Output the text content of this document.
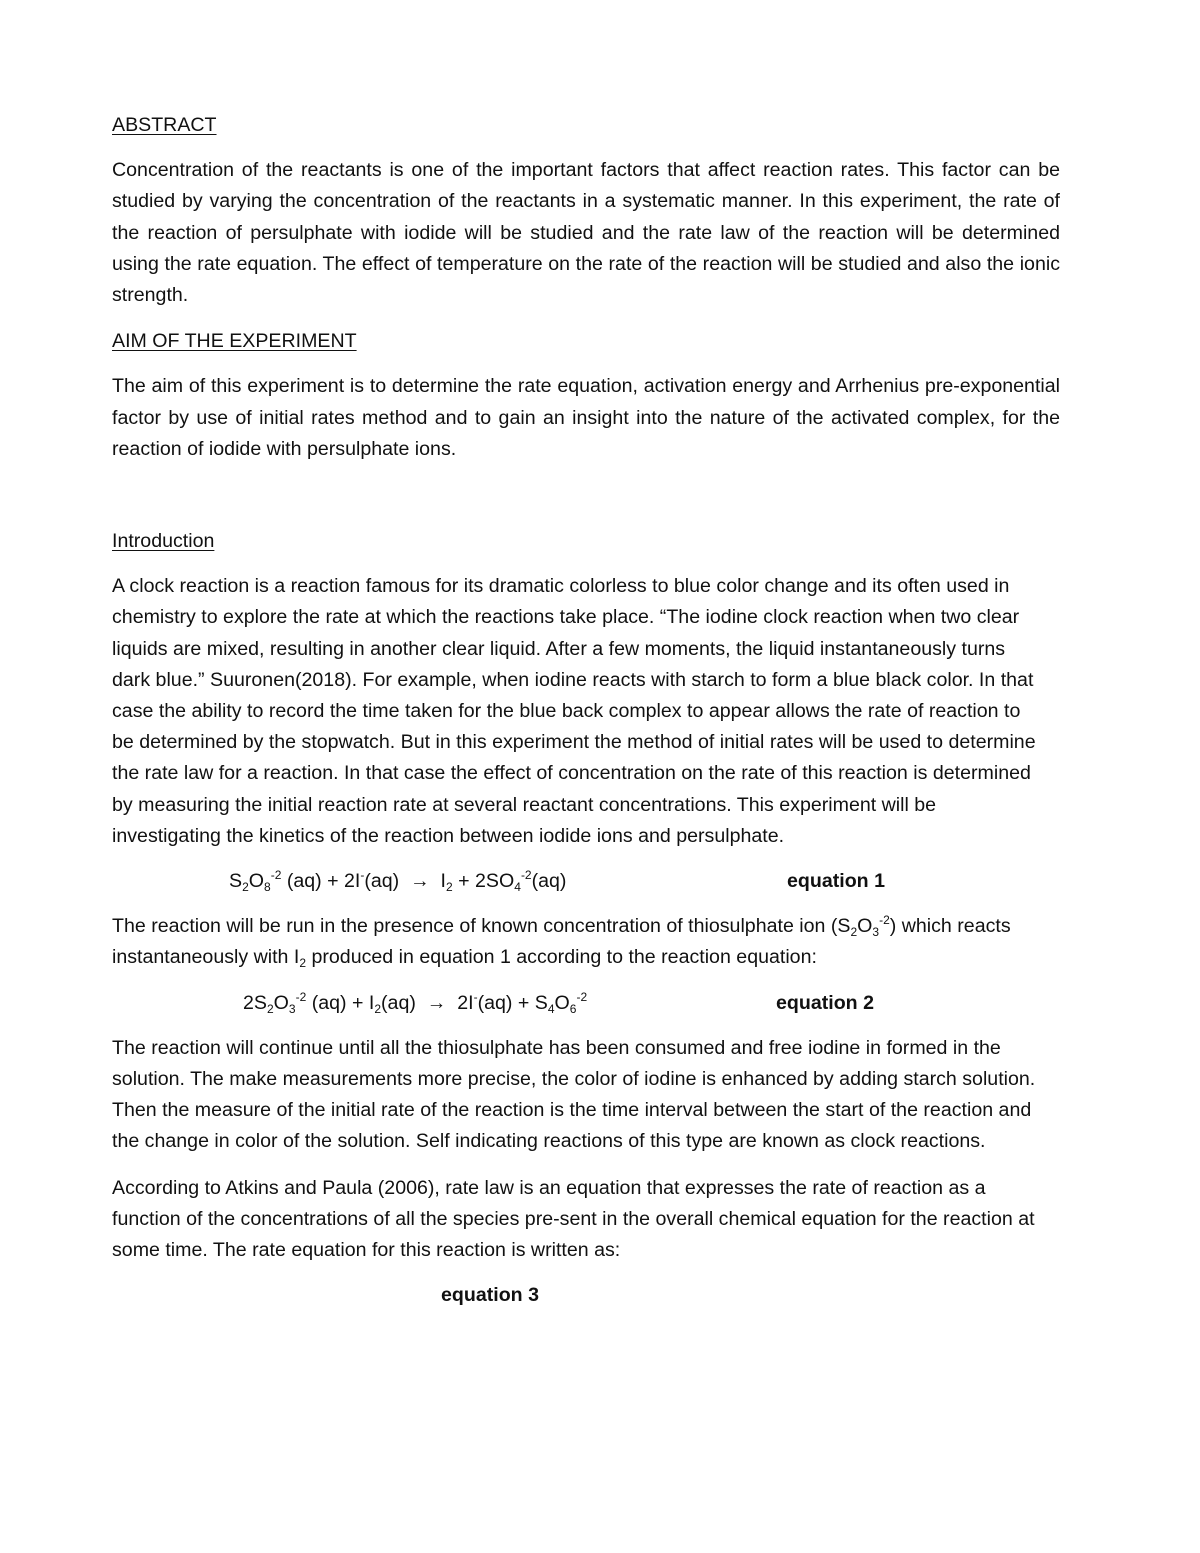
ABSTRACT

Concentration of the reactants is one of the important factors that affect reaction rates. This factor can be studied by varying the concentration of the reactants in a systematic manner. In this experiment, the rate of the reaction of persulphate with iodide will be studied and the rate law of the reaction will be determined using the rate equation. The effect of temperature on the rate of the reaction will be studied and also the ionic strength.

AIM OF THE EXPERIMENT

The aim of this experiment is to determine the rate equation, activation energy and Arrhenius pre-exponential factor by use of initial rates method and to gain an insight into the nature of the activated complex, for the reaction of iodide with persulphate ions.

Introduction

A clock reaction is a reaction famous for its dramatic colorless to blue color change and its often used in chemistry to explore the rate at which the reactions take place. “The iodine clock reaction when two clear liquids are mixed, resulting in another clear liquid. After a few moments, the liquid instantaneously turns dark blue.” Suuronen(2018). For example, when iodine reacts with starch to form a blue black color. In that case the ability to record the time taken for the blue back complex to appear allows the rate of reaction to be determined by the stopwatch. But in this experiment the method of initial rates will be used to determine the rate law for a reaction. In that case the effect of concentration on the rate of this reaction is determined by measuring the initial reaction rate at several reactant concentrations. This experiment will be investigating the kinetics of the reaction between iodide ions and persulphate.

$S_2O_8^{-2}$ $(aq) + 2I^-(aq) \to I_2 + 2SO_4^{-2}(aq)$	equation 1

The reaction will be run in the presence of known concentration of thiosulphate ion $(S_2O_3^{-2})$ which reacts instantaneously with $I_2$ produced in equation 1 according to the reaction equation:

$2S_2O_3^{-2}$ $(aq) + I_2(aq) \to 2I^-(aq) + S_4O_6^{-2}$	equation 2

The reaction will continue until all the thiosulphate has been consumed and free iodine in formed in the solution. The make measurements more precise, the color of iodine is enhanced by adding starch solution. Then the measure of the initial rate of the reaction is the time interval between the start of the reaction and the change in color of the solution. Self indicating reactions of this type are known as clock reactions.

According to Atkins and Paula (2006), rate law is an equation that expresses the rate of reaction as a function of the concentrations of all the species pre-sent in the overall chemical equation for the reaction at some time. The rate equation for this reaction is written as:

equation 3
